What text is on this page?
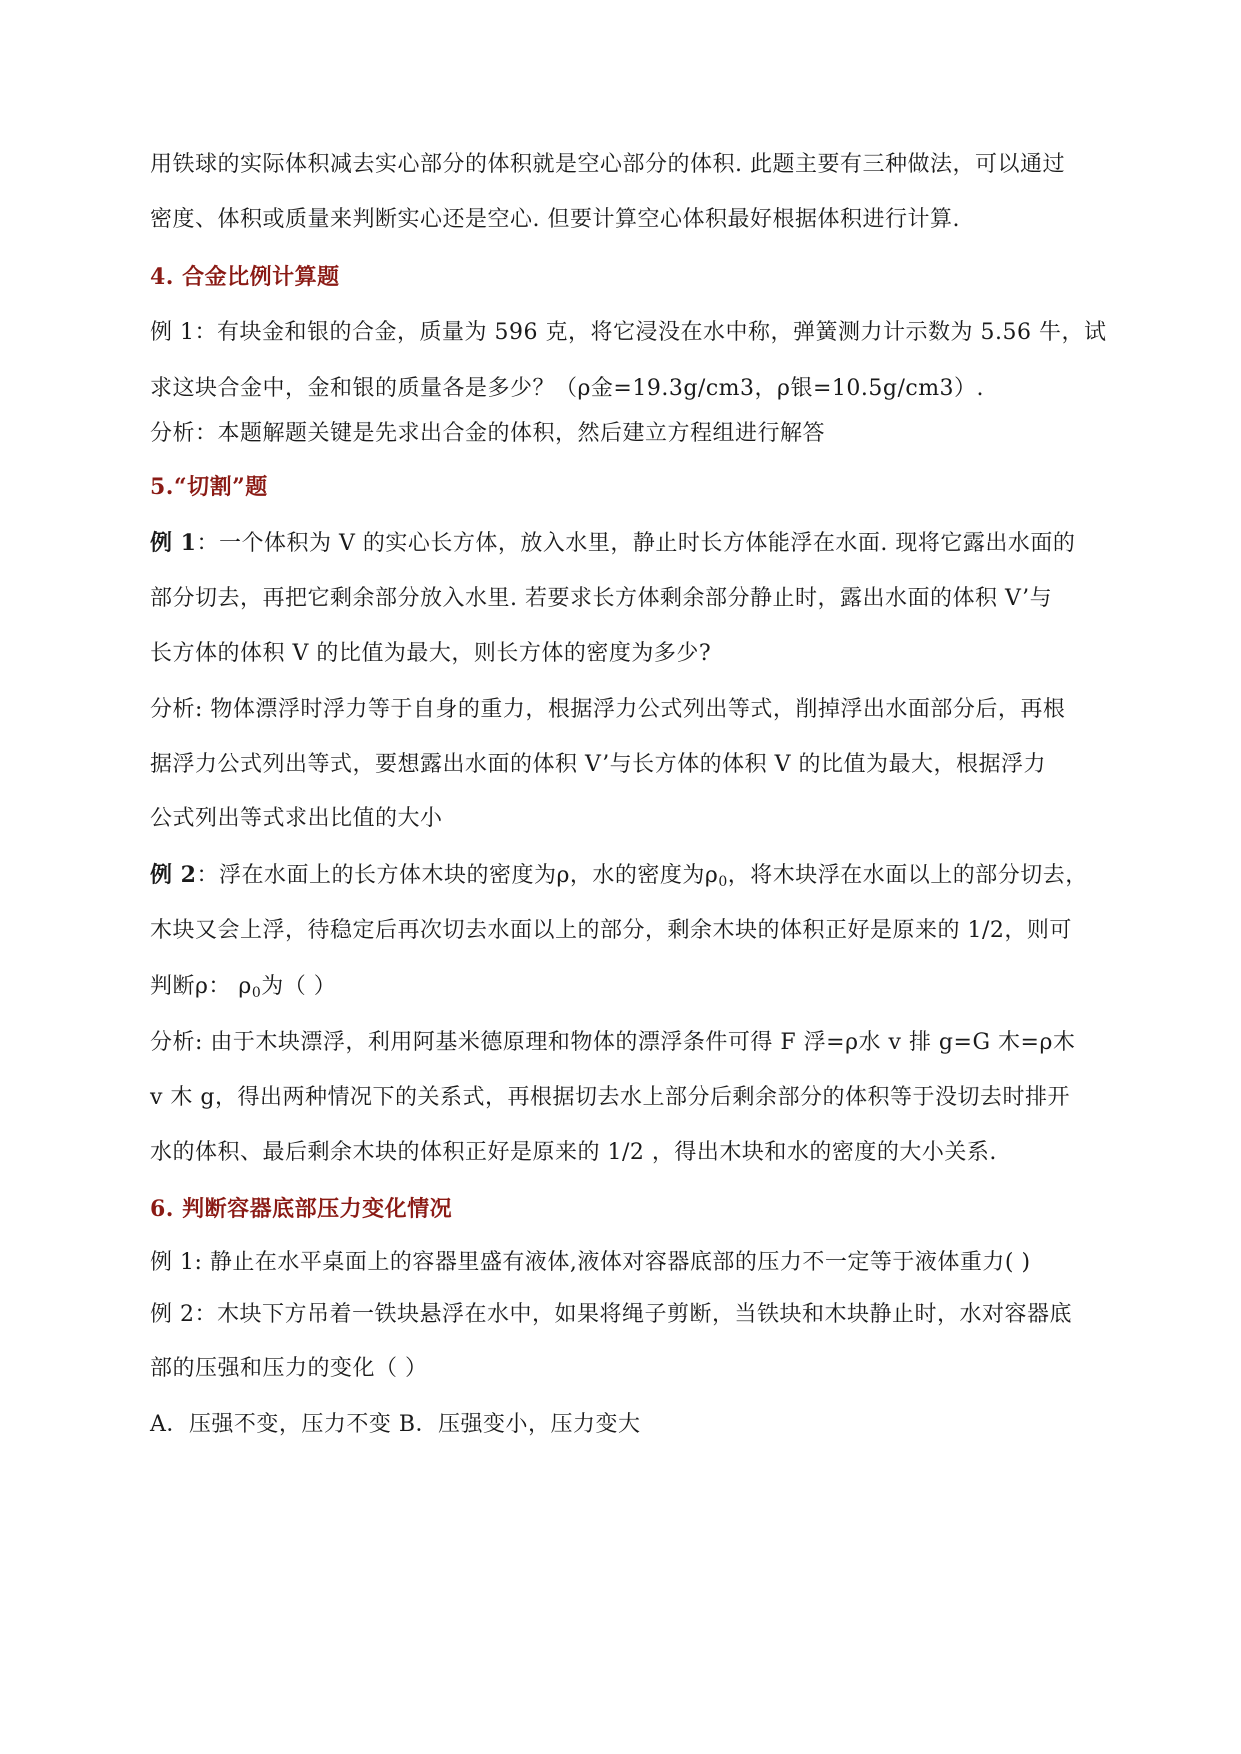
用铁球的实际体积减去实心部分的体积就是空心部分的体积. 此题主要有三种做法，可以通过
密度、体积或质量来判断实心还是空心. 但要计算空心体积最好根据体积进行计算.
4. 合金比例计算题
例 1：有块金和银的合金，质量为 596 克，将它浸没在水中称，弹簧测力计示数为 5.56 牛，试
求这块合金中，金和银的质量各是多少？（ρ金=19.3g/cm3，ρ银=10.5g/cm3）.
分析：本题解题关键是先求出合金的体积，然后建立方程组进行解答
5.“切割”题
例 1：一个体积为 V 的实心长方体，放入水里，静止时长方体能浮在水面. 现将它露出水面的
部分切去，再把它剩余部分放入水里. 若要求长方体剩余部分静止时，露出水面的体积 V’与
长方体的体积 V 的比值为最大，则长方体的密度为多少?
分析: 物体漂浮时浮力等于自身的重力，根据浮力公式列出等式，削掉浮出水面部分后，再根
据浮力公式列出等式，要想露出水面的体积 V’与长方体的体积 V 的比值为最大，根据浮力
公式列出等式求出比值的大小
例 2：浮在水面上的长方体木块的密度为ρ，水的密度为$\rho_0$，将木块浮在水面以上的部分切去，
木块又会上浮，待稳定后再次切去水面以上的部分，剩余木块的体积正好是原来的 1/2，则可
判断ρ： $\rho_0$为（ ）
分析: 由于木块漂浮，利用阿基米德原理和物体的漂浮条件可得 F 浮=ρ水 v 排 g=G 木=ρ木
v 木 g，得出两种情况下的关系式，再根据切去水上部分后剩余部分的体积等于没切去时排开
水的体积、最后剩余木块的体积正好是原来的 1/2 ，得出木块和水的密度的大小关系.
6. 判断容器底部压力变化情况
例 1: 静止在水平桌面上的容器里盛有液体,液体对容器底部的压力不一定等于液体重力( )
例 2：木块下方吊着一铁块悬浮在水中，如果将绳子剪断，当铁块和木块静止时，水对容器底
部的压强和压力的变化（ ）
A．压强不变，压力不变 B．压强变小，压力变大
